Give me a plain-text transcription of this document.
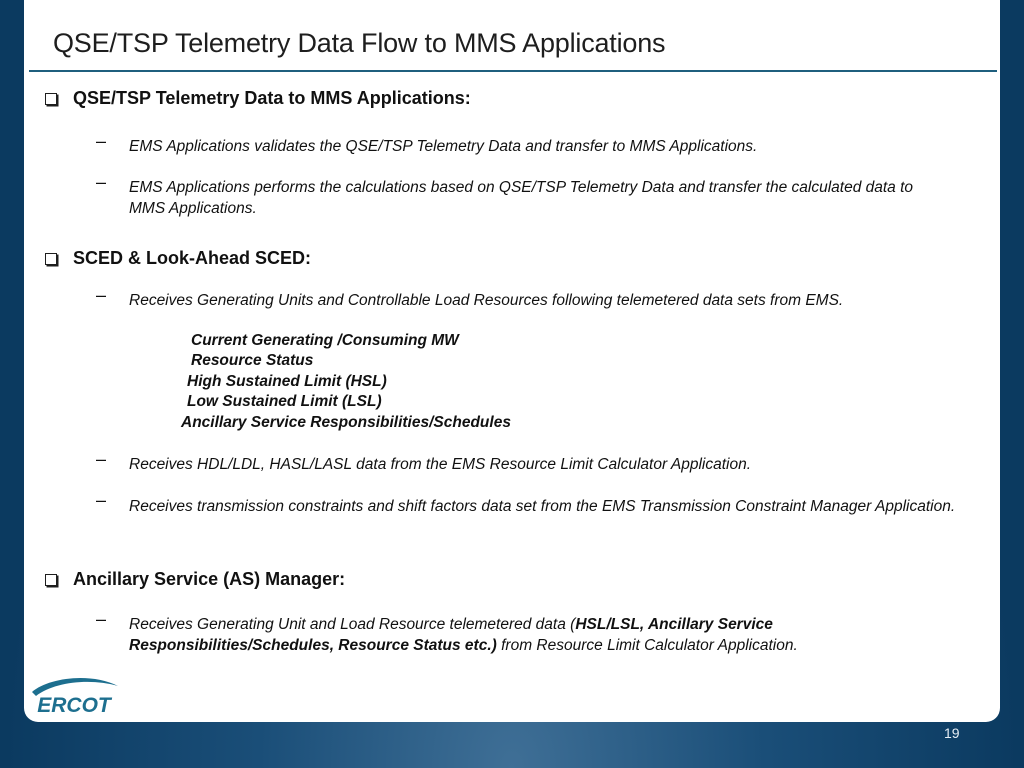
QSE/TSP Telemetry Data Flow to MMS Applications
QSE/TSP Telemetry Data to MMS Applications:
– EMS Applications validates the QSE/TSP Telemetry Data and transfer to MMS Applications.
– EMS Applications performs the calculations based on QSE/TSP Telemetry Data and transfer the calculated data to MMS Applications.
SCED & Look-Ahead SCED:
– Receives Generating Units and Controllable Load Resources following telemetered data sets from EMS.
Current Generating /Consuming MW
Resource Status
High Sustained Limit (HSL)
Low Sustained Limit (LSL)
Ancillary Service Responsibilities/Schedules
– Receives HDL/LDL, HASL/LASL data from the EMS Resource Limit Calculator Application.
– Receives transmission constraints and shift factors data set from the EMS Transmission Constraint Manager Application.
Ancillary Service (AS) Manager:
– Receives Generating Unit and Load Resource telemetered data (HSL/LSL, Ancillary Service Responsibilities/Schedules, Resource Status etc.) from Resource Limit Calculator Application.
ERCOT
19
